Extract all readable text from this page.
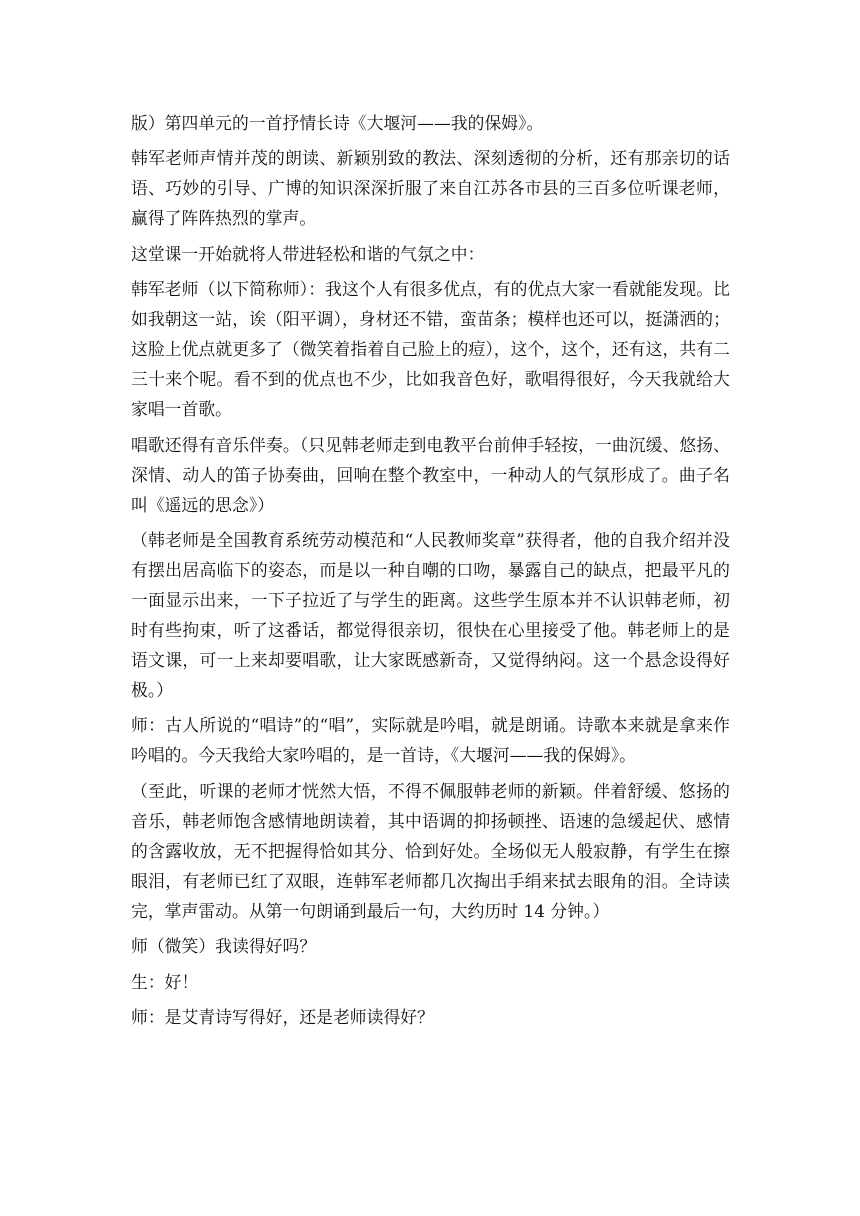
版）第四单元的一首抒情长诗《大堰河——我的保姆》。

韩军老师声情并茂的朗读、新颖别致的教法、深刻透彻的分析，还有那亲切的话语、巧妙的引导、广博的知识深深折服了来自江苏各市县的三百多位听课老师，赢得了阵阵热烈的掌声。

这堂课一开始就将人带进轻松和谐的气氛之中：

韩军老师（以下简称师）：我这个人有很多优点，有的优点大家一看就能发现。比如我朝这一站，诶（阳平调），身材还不错，蛮苗条；模样也还可以，挺潇洒的；这脸上优点就更多了（微笑着指着自己脸上的痘），这个，这个，还有这，共有二三十来个呢。看不到的优点也不少，比如我音色好，歌唱得很好，今天我就给大家唱一首歌。

唱歌还得有音乐伴奏。（只见韩老师走到电教平台前伸手轻按，一曲沉缓、悠扬、深情、动人的笛子协奏曲，回响在整个教室中，一种动人的气氛形成了。曲子名叫《遥远的思念》）

（韩老师是全国教育系统劳动模范和“人民教师奖章”获得者，他的自我介绍并没有摆出居高临下的姿态，而是以一种自嘲的口吻，暴露自己的缺点，把最平凡的一面显示出来，一下子拉近了与学生的距离。这些学生原本并不认识韩老师，初时有些拘束，听了这番话，都觉得很亲切，很快在心里接受了他。韩老师上的是语文课，可一上来却要唱歌，让大家既感新奇，又觉得纳闷。这一个悬念设得好极。）

师：古人所说的“唱诗”的“唱”，实际就是吟唱，就是朗诵。诗歌本来就是拿来作吟唱的。今天我给大家吟唱的，是一首诗，《大堰河——我的保姆》。

（至此，听课的老师才恍然大悟，不得不佩服韩老师的新颖。伴着舒缓、悠扬的音乐，韩老师饱含感情地朗读着，其中语调的抑扬顿挫、语速的急缓起伏、感情的含露收放，无不把握得恰如其分、恰到好处。全场似无人般寂静，有学生在擦眼泪，有老师已红了双眼，连韩军老师都几次掏出手绢来拭去眼角的泪。全诗读完，掌声雷动。从第一句朗诵到最后一句，大约历时 14 分钟。）

师（微笑）我读得好吗？

生：好！

师：是艾青诗写得好，还是老师读得好？
